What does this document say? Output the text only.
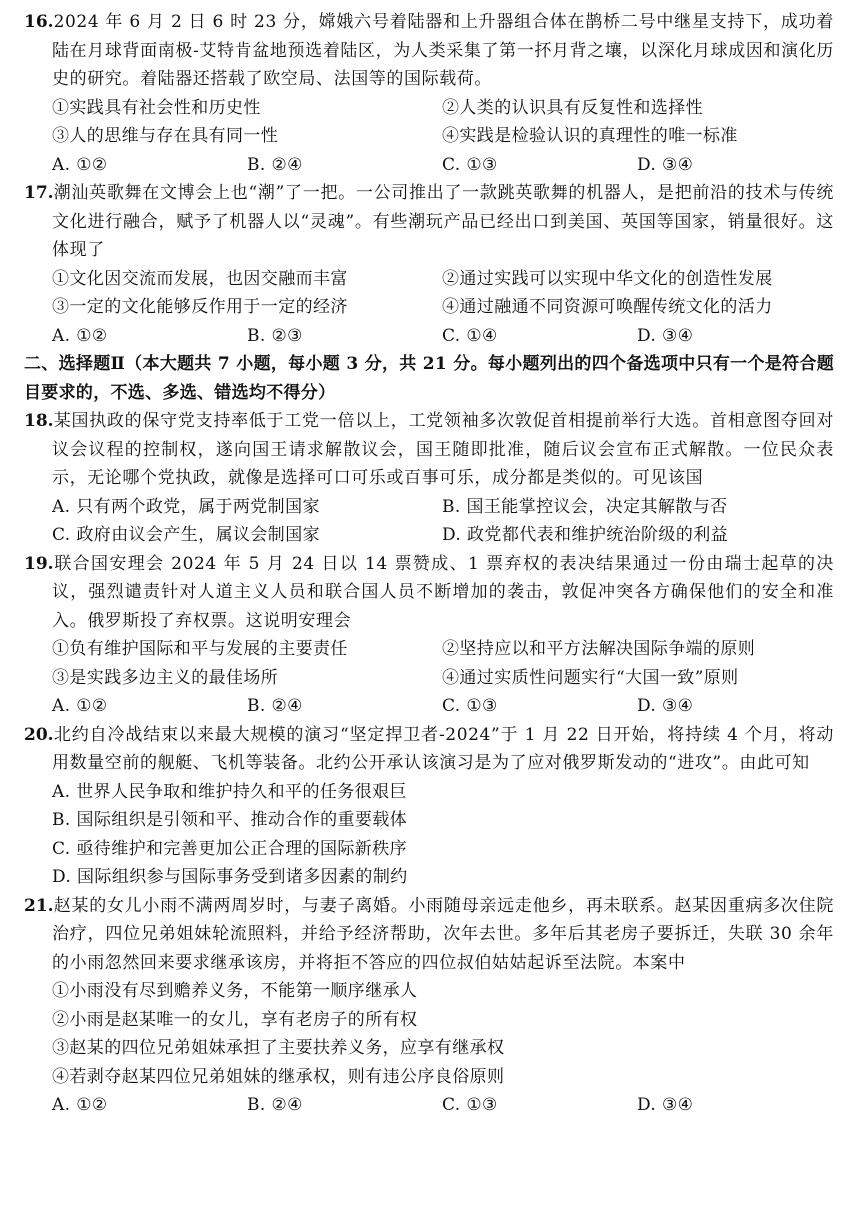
16.2024 年 6 月 2 日 6 时 23 分，嫦娥六号着陆器和上升器组合体在鹊桥二号中继星支持下，成功着陆在月球背面南极-艾特肯盆地预选着陆区，为人类采集了第一抔月背之壤，以深化月球成因和演化历史的研究。着陆器还搭载了欧空局、法国等的国际载荷。

①实践具有社会性和历史性	②人类的认识具有反复性和选择性
③人的思维与存在具有同一性	④实践是检验认识的真理性的唯一标准
A. ①②	B. ②④	C. ①③	D. ③④

17.潮汕英歌舞在文博会上也“潮”了一把。一公司推出了一款跳英歌舞的机器人，是把前沿的技术与传统文化进行融合，赋予了机器人以“灵魂”。有些潮玩产品已经出口到美国、英国等国家，销量很好。这体现了

①文化因交流而发展，也因交融而丰富	②通过实践可以实现中华文化的创造性发展
③一定的文化能够反作用于一定的经济	④通过融通不同资源可唤醒传统文化的活力
A. ①②	B. ②③	C. ①④	D. ③④

二、选择题Ⅱ（本大题共 7 小题，每小题 3 分，共 21 分。每小题列出的四个备选项中只有一个是符合题目要求的，不选、多选、错选均不得分）

18.某国执政的保守党支持率低于工党一倍以上，工党领袖多次敦促首相提前举行大选。首相意图夺回对议会议程的控制权，遂向国王请求解散议会，国王随即批准，随后议会宣布正式解散。一位民众表示，无论哪个党执政，就像是选择可口可乐或百事可乐，成分都是类似的。可见该国

A. 只有两个政党，属于两党制国家	B. 国王能掌控议会，决定其解散与否
C. 政府由议会产生，属议会制国家	D. 政党都代表和维护统治阶级的利益

19.联合国安理会 2024 年 5 月 24 日以 14 票赞成、1 票弃权的表决结果通过一份由瑞士起草的决议，强烈谴责针对人道主义人员和联合国人员不断增加的袭击，敦促冲突各方确保他们的安全和准入。俄罗斯投了弃权票。这说明安理会

①负有维护国际和平与发展的主要责任	②坚持应以和平方法解决国际争端的原则
③是实践多边主义的最佳场所	④通过实质性问题实行“大国一致”原则
A. ①②	B. ②④	C. ①③	D. ③④

20.北约自冷战结束以来最大规模的演习“坚定捍卫者-2024”于 1 月 22 日开始，将持续 4 个月，将动用数量空前的舰艇、飞机等装备。北约公开承认该演习是为了应对俄罗斯发动的“进攻”。由此可知

A. 世界人民争取和维护持久和平的任务很艰巨
B. 国际组织是引领和平、推动合作的重要载体
C. 亟待维护和完善更加公正合理的国际新秩序
D. 国际组织参与国际事务受到诸多因素的制约

21.赵某的女儿小雨不满两周岁时，与妻子离婚。小雨随母亲远走他乡，再未联系。赵某因重病多次住院治疗，四位兄弟姐妹轮流照料，并给予经济帮助，次年去世。多年后其老房子要拆迁，失联 30 余年的小雨忽然回来要求继承该房，并将拒不答应的四位叔伯姑姑起诉至法院。本案中

①小雨没有尽到赡养义务，不能第一顺序继承人
②小雨是赵某唯一的女儿，享有老房子的所有权
③赵某的四位兄弟姐妹承担了主要扶养义务，应享有继承权
④若剥夺赵某四位兄弟姐妹的继承权，则有违公序良俗原则
A. ①②	B. ②④	C. ①③	D. ③④
